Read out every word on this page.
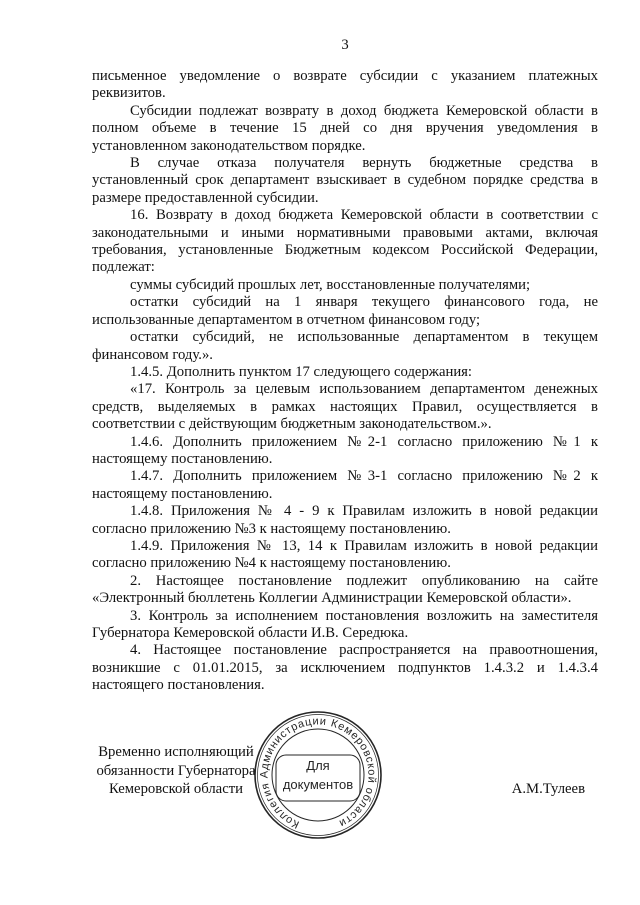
3
письменное уведомление о возврате субсидии с указанием платежных
реквизитов.
Субсидии подлежат возврату в доход бюджета Кемеровской области в
полном объеме в течение 15 дней со дня вручения уведомления в
установленном законодательством порядке.
В случае отказа получателя вернуть бюджетные средства в
установленный срок департамент взыскивает в судебном порядке средства в
размере предоставленной субсидии.
16. Возврату в доход бюджета Кемеровской области в соответствии с
законодательными и иными нормативными правовыми актами, включая
требования, установленные Бюджетным кодексом Российской Федерации,
подлежат:
суммы субсидий прошлых лет, восстановленные получателями;
остатки субсидий на 1 января текущего финансового года, не
использованные департаментом в отчетном финансовом году;
остатки субсидий, не использованные департаментом в текущем
финансовом году.».
1.4.5. Дополнить пунктом 17 следующего содержания:
«17. Контроль за целевым использованием департаментом денежных
средств, выделяемых в рамках настоящих Правил, осуществляется в
соответствии с действующим бюджетным законодательством.».
1.4.6. Дополнить приложением №2-1 согласно приложению №1 к
настоящему постановлению.
1.4.7. Дополнить приложением №3-1 согласно приложению №2 к
настоящему постановлению.
1.4.8. Приложения № 4 - 9 к Правилам изложить в новой редакции
согласно приложению №3 к настоящему постановлению.
1.4.9. Приложения № 13, 14 к Правилам изложить в новой редакции
согласно приложению №4 к настоящему постановлению.
2. Настоящее постановление подлежит опубликованию на сайте
«Электронный бюллетень Коллегии Администрации Кемеровской области».
3. Контроль за исполнением постановления возложить на заместителя
Губернатора Кемеровской области И.В. Середюка.
4. Настоящее постановление распространяется на правоотношения,
возникшие с 01.01.2015, за исключением подпунктов 1.4.3.2 и 1.4.3.4
настоящего постановления.
Временно исполняющий
обязанности Губернатора
Кемеровской области	А.М.Тулеев
Коллегия Администрации Кемеровской области
Для
документов
